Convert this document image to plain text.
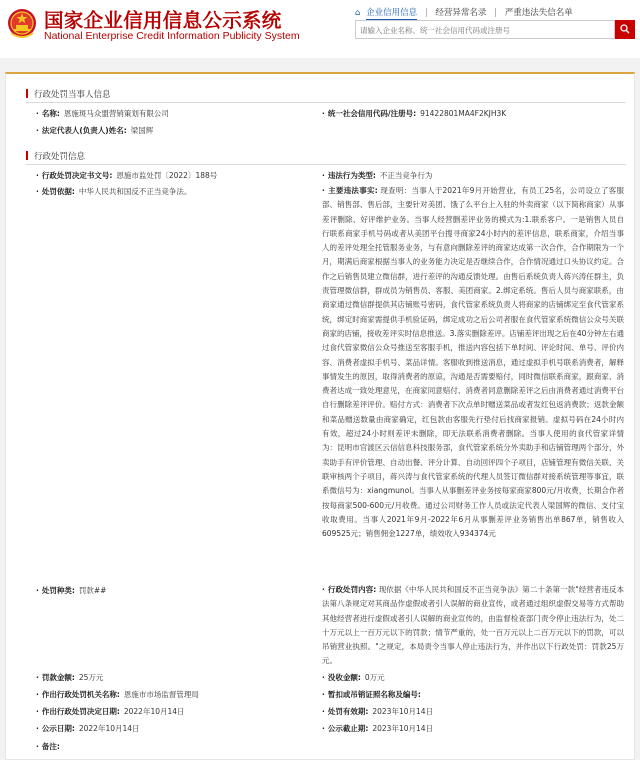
国家企业信用信息公示系统
National Enterprise Credit Information Publicity System
⌂ 企业信用信息 | 经营异常名录 | 严重违法失信名单
请输入企业名称、统一社会信用代码或注册号
行政处罚当事人信息
· 名称: 恩施斑马众盟营销策划有限公司	· 统一社会信用代码/注册号: 91422801MA4F2KJH3K
· 法定代表人(负责人)姓名: 梁国辉
行政处罚信息
· 行政处罚决定书文号: 恩施市监处罚〔2022〕188号	· 违法行为类型: 不正当竞争行为
· 处罚依据: 中华人民共和国反不正当竞争法。	· 主要违法事实: 现查明：当事人于2021年9月开始营业，有员工25名，公司设立了客服部、销售部、售后部，主要针对美团、饿了么平台上入驻的外卖商家（以下简称商家）从事差评删除、好评维护业务。当事人经营删差评业务的模式为:1.联系客户。一是销售人员自行联系商家手机号码或者从美团平台搜寻商家24小时内的差评信息，联系商家，介绍当事人的差评处理全托管服务业务，与有意向删除差评的商家达成第一次合作，合作期限为一个月，期满后商家根据当事人的业务能力决定是否继续合作，合作情况通过口头协议约定。合作之后销售员建立微信群，进行差评的沟通反馈处理。由售后系统负责人蒋兴涛任群主，负责管理微信群，群成员为销售员、客服、美团商家。2.绑定系统。售后人员与商家联系，由商家通过微信群提供其店铺账号密码，食代管家系统负责人将商家的店铺绑定至食代管家系统，绑定时商家需提供手机验证码，绑定成功之后公司者服在食代管家系统微信公众号关联商家的店铺，接收差评实时信息推送。3.落实删除差评。店铺差评出现之后在40分钟左右通过食代管家微信公众号推送至客服手机，推送内容包括下单时间、评论时间、单号、评价内容、消费者虚拟手机号、菜品详情。客服收到推送消息，通过虚拟手机号联系消费者，解释事情发生的原因，取得消费者的原谅，沟通是否需要赔付，同时微信联系商家，跟商家、消费者达成一致处理意见，在商家同意赔付、消费者同意删除差评之后由消费者通过消费平台自行删除差评评价。赔付方式：消费者下次点单时赠送菜品或者发红包返消费款；返款金额和菜品赠送数量由商家确定，红包款由客服先行垫付后找商家报销。虚拟号码在24小时内有效，超过24小时则差评未删除，即无法联系消费者删除。当事人使用的食代管家详情为：昆明市官渡区云信信息科技服务部，食代管家系统分外卖助手和店铺管理两个部分，外卖助手有评价管理、自动出餐、评分计算、自动回评四个子项目，店铺管理有微信关联、关联审核两个子项目，蒋兴涛与食代管家系统的代理人员签订微信群对接系统管理等事宜，联系微信号为：xiangmunol。当事人从事删差评业务按每家商家800元/月收费，长期合作者按每商家500-600元/月收费。通过公司财务工作人员或法定代表人梁国辉的微信、支付宝收取费用。当事人2021年9月-2022年6月从事删差评业务销售出单867单，销售收入609525元；销售佣金1227单，绩效收入934374元
· 处罚种类: 罚款##	· 行政处罚内容: 现依据《中华人民共和国反不正当竞争法》第二十条第一款"经营者违反本法第八条规定对其商品作虚假或者引人误解的商业宣传，或者通过组织虚假交易等方式帮助其他经营者进行虚假或者引人误解的商业宣传的，由监督检查部门责令停止违法行为，处二十万元以上一百万元以下的罚款；情节严重的，处一百万元以上二百万元以下的罚款，可以吊销营业执照。"之规定，本局责令当事人停止违法行为，并作出以下行政处罚：罚款25万元。
· 罚款金额: 25万元	· 没收金额: 0万元
· 作出行政处罚机关名称: 恩施市市场监督管理局	· 暂扣或吊销证照名称及编号:
· 作出行政处罚决定日期: 2022年10月14日	· 处罚有效期: 2023年10月14日
· 公示日期: 2022年10月14日	· 公示截止期: 2023年10月14日
· 备注:
